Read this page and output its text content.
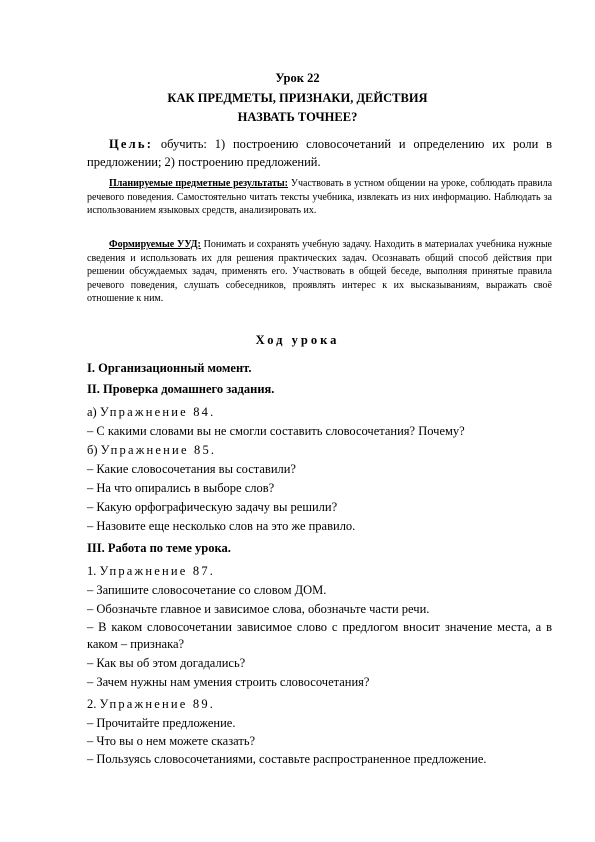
Урок 22
КАК ПРЕДМЕТЫ, ПРИЗНАКИ, ДЕЙСТВИЯ
НАЗВАТЬ ТОЧНЕЕ?
Цель: обучить: 1) построению словосочетаний и определению их роли в предложении; 2) построению предложений.
Планируемые предметные результаты: Участвовать в устном общении на уроке, соблюдать правила речевого поведения. Самостоятельно читать тексты учебника, извлекать из них информацию. Наблюдать за использованием языковых средств, анализировать их.
Формируемые УУД: Понимать и сохранять учебную задачу. Находить в материалах учебника нужные сведения и использовать их для решения практических задач. Осознавать общий способ действия при решении обсуждаемых задач, применять его. Участвовать в общей беседе, выполняя принятые правила речевого поведения, слушать собеседников, проявлять интерес к их высказываниям, выражать своё отношение к ним.
Ход урока
I. Организационный момент.
II. Проверка домашнего задания.
а) Упражнение 84.
– С какими словами вы не смогли составить словосочетания? Почему?
б) Упражнение 85.
– Какие словосочетания вы составили?
– На что опирались в выборе слов?
– Какую орфографическую задачу вы решили?
– Назовите еще несколько слов на это же правило.
III. Работа по теме урока.
1. Упражнение 87.
– Запишите словосочетание со словом ДОМ.
– Обозначьте главное и зависимое слова, обозначьте части речи.
– В каком словосочетании зависимое слово с предлогом вносит значение места, а в каком – признака?
– Как вы об этом догадались?
– Зачем нужны нам умения строить словосочетания?
2. Упражнение 89.
– Прочитайте предложение.
– Что вы о нем можете сказать?
– Пользуясь словосочетаниями, составьте распространенное предложение.
